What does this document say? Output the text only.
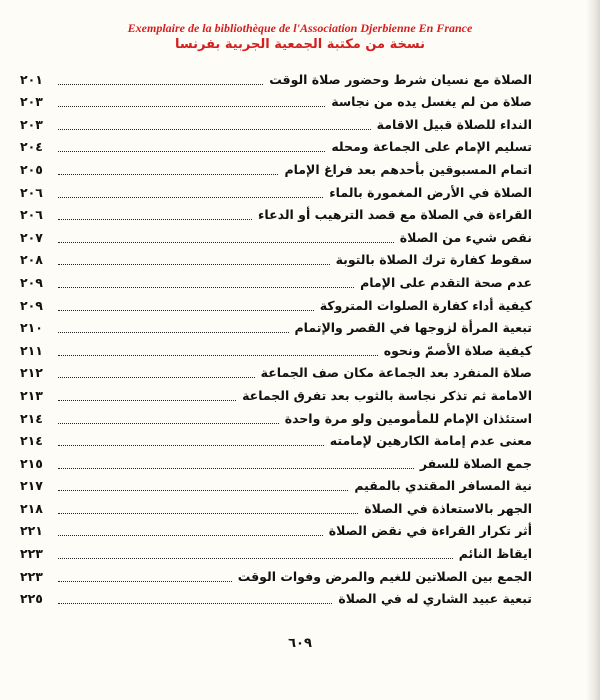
Exemplaire de la bibliothèque de l'Association Djerbienne En France
نسخة من مكتبة الجمعية الجربية بفرنسا
الصلاة مع نسيان شرط وحضور صلاة الوقت
٢٠١
صلاة من لم يغسل يده من نجاسة
٢٠٣
النداء للصلاة قبيل الاقامة
٢٠٣
تسليم الإمام على الجماعة ومحله
٢٠٤
اتمام المسبوقين بأحدهم بعد فراغ الإمام
٢٠٥
الصلاة في الأرض المغمورة بالماء
٢٠٦
القراءة في الصلاة مع قصد الترهيب أو الدعاء
٢٠٦
نقص شيء من الصلاة
٢٠٧
سقوط كفارة ترك الصلاة بالتوبة
٢٠٨
عدم صحة التقدم على الإمام
٢٠٩
كيفية أداء كفارة الصلوات المتروكة
٢٠٩
تبعية المرأة لزوجها في القصر والإتمام
٢١٠
كيفية صلاة الأصمّ ونحوه
٢١١
صلاة المنفرد بعد الجماعة مكان صف الجماعة
٢١٢
الامامة ثم تذكر نجاسة بالثوب بعد تفرق الجماعة
٢١٣
استئذان الإمام للمأمومين ولو مرة واحدة
٢١٤
معنى عدم إمامة الكارهين لإمامته
٢١٤
جمع الصلاة للسفر
٢١٥
نية المسافر المقتدي بالمقيم
٢١٧
الجهر بالاستعاذة في الصلاة
٢١٨
أثر تكرار القراءة في نقض الصلاة
٢٢١
ايقاظ النائم
٢٢٣
الجمع بين الصلاتين للغيم والمرض وفوات الوقت
٢٢٣
تبعية عبيد الشاري له في الصلاة
٢٢٥
٦٠٩
